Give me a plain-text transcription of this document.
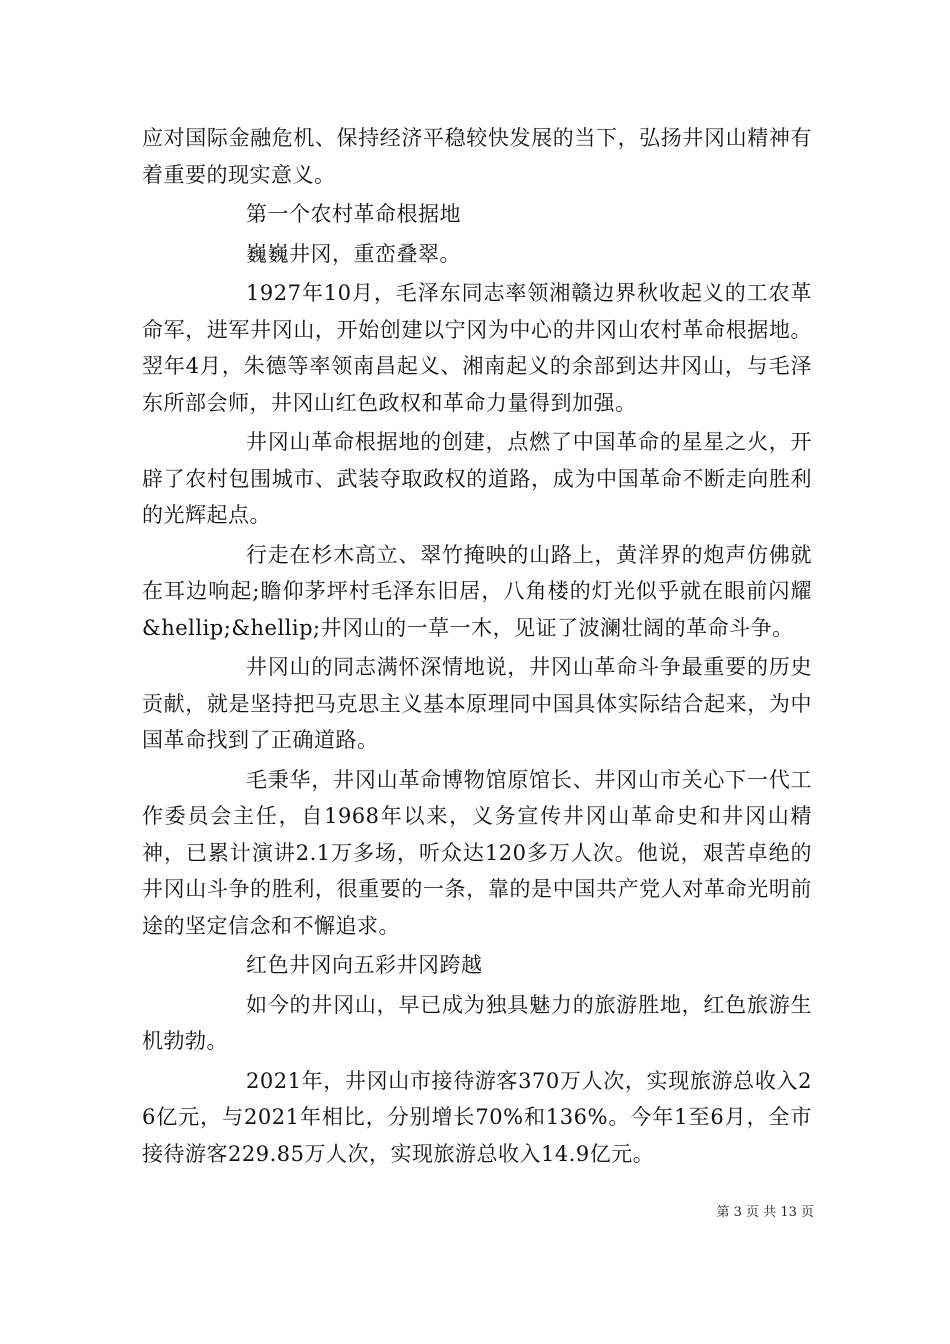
应对国际金融危机、保持经济平稳较快发展的当下，弘扬井冈山精神有着重要的现实意义。

第一个农村革命根据地

巍巍井冈，重峦叠翠。

1927年10月，毛泽东同志率领湘赣边界秋收起义的工农革命军，进军井冈山，开始创建以宁冈为中心的井冈山农村革命根据地。翌年4月，朱德等率领南昌起义、湘南起义的余部到达井冈山，与毛泽东所部会师，井冈山红色政权和革命力量得到加强。

井冈山革命根据地的创建，点燃了中国革命的星星之火，开辟了农村包围城市、武装夺取政权的道路，成为中国革命不断走向胜利的光辉起点。

行走在杉木高立、翠竹掩映的山路上，黄洋界的炮声仿佛就在耳边响起;瞻仰茅坪村毛泽东旧居，八角楼的灯光似乎就在眼前闪耀&hellip;&hellip;井冈山的一草一木，见证了波澜壮阔的革命斗争。

井冈山的同志满怀深情地说，井冈山革命斗争最重要的历史贡献，就是坚持把马克思主义基本原理同中国具体实际结合起来，为中国革命找到了正确道路。

毛秉华，井冈山革命博物馆原馆长、井冈山市关心下一代工作委员会主任，自1968年以来，义务宣传井冈山革命史和井冈山精神，已累计演讲2.1万多场，听众达120多万人次。他说，艰苦卓绝的井冈山斗争的胜利，很重要的一条，靠的是中国共产党人对革命光明前途的坚定信念和不懈追求。

红色井冈向五彩井冈跨越

如今的井冈山，早已成为独具魅力的旅游胜地，红色旅游生机勃勃。

2021年，井冈山市接待游客370万人次，实现旅游总收入26亿元，与2021年相比，分别增长70%和136%。今年1至6月，全市接待游客229.85万人次，实现旅游总收入14.9亿元。

第 3 页 共 13 页
